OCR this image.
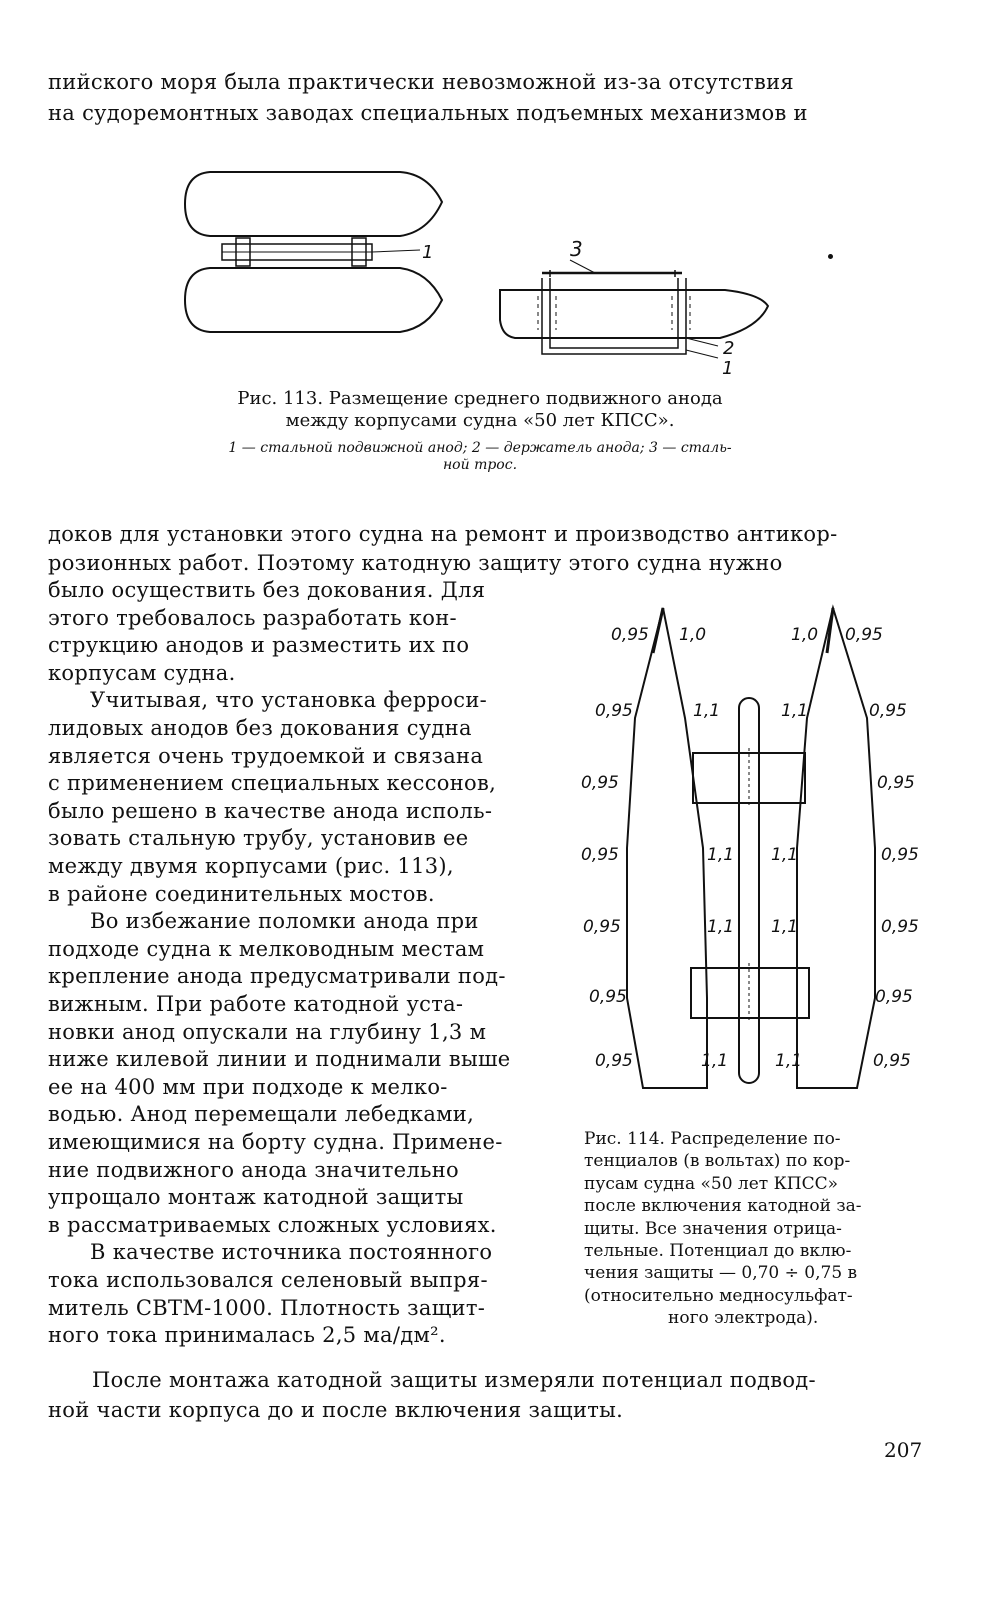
пийского моря была практически невозможной из-за отсутствия
на судоремонтных заводах специальных подъемных механизмов и
1	3
2
1
Рис. 113. Размещение среднего подвижного анода
между корпусами судна «50 лет КПСС».
1 — стальной подвижной анод; 2 — держатель анода; 3 — сталь-
ной трос.
доков для установки этого судна на ремонт и производство антикор-
розионных работ. Поэтому катодную защиту этого судна нужно
было осуществить без докования. Для
этого требовалось разработать кон-
струкцию анодов и разместить их по
корпусам судна.
Учитывая, что установка ферроси-
лидовых анодов без докования судна
является очень трудоемкой и связана
с применением специальных кессонов,
было решено в качестве анода исполь-
зовать стальную трубу, установив ее
между двумя корпусами (рис. 113),
в районе соединительных мостов.
Во избежание поломки анода при
подходе судна к мелководным местам
крепление анода предусматривали под-
вижным. При работе катодной уста-
новки анод опускали на глубину 1,3 м
ниже килевой линии и поднимали выше
ее на 400 мм при подходе к мелко-
водью. Анод перемещали лебедками,
имеющимися на борту судна. Примене-
ние подвижного анода значительно
упрощало монтаж катодной защиты
в рассматриваемых сложных условиях.
В качестве источника постоянного
тока использовался селеновый выпря-
митель СВТМ-1000. Плотность защит-
ного тока принималась 2,5 ма/дм².
0,95
0,95
0,95
0,95
0,95
0,95
0,95
1,0
1,1
1,1
1,1
1,1
1,0
1,1
1,1
1,1
1,1
0,95
0,95
0,95
0,95
0,95
0,95
0,95
Рис. 114. Распределение по-
тенциалов (в вольтах) по кор-
пусам судна «50 лет КПСС»
после включения катодной за-
щиты. Все значения отрица-
тельные. Потенциал до вклю-
чения защиты — 0,70 ÷ 0,75 в
(относительно медносульфат-
ного электрода).
После монтажа катодной защиты измеряли потенциал подвод-
ной части корпуса до и после включения защиты.
207
